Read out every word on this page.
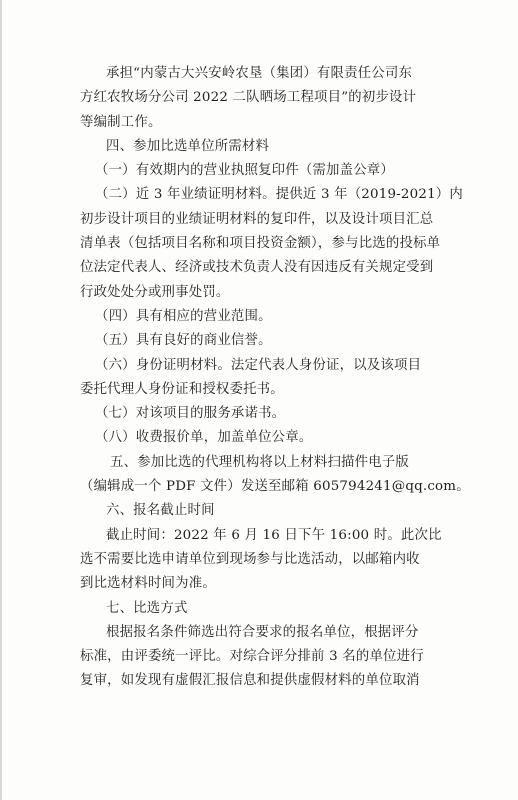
承担“内蒙古大兴安岭农垦（集团）有限责任公司东
方红农牧场分公司 2022 二队晒场工程项目”的初步设计
等编制工作。
四、参加比选单位所需材料
（一）有效期内的营业执照复印件（需加盖公章）
（二）近 3 年业绩证明材料。提供近 3 年（2019-2021）内
初步设计项目的业绩证明材料的复印件，以及设计项目汇总
清单表（包括项目名称和项目投资金额），参与比选的投标单
位法定代表人、经济或技术负责人没有因违反有关规定受到
行政处处分或刑事处罚。
（四）具有相应的营业范围。
（五）具有良好的商业信誉。
（六）身份证明材料。法定代表人身份证，以及该项目
委托代理人身份证和授权委托书。
（七）对该项目的服务承诺书。
（八）收费报价单，加盖单位公章。
五、参加比选的代理机构将以上材料扫描件电子版
（编辑成一个 PDF 文件）发送至邮箱 605794241@qq.com。
六、报名截止时间
截止时间：2022 年 6 月 16 日下午 16:00 时。此次比
选不需要比选申请单位到现场参与比选活动，以邮箱内收
到比选材料时间为准。
七、比选方式
根据报名条件筛选出符合要求的报名单位，根据评分
标准，由评委统一评比。对综合评分排前 3 名的单位进行
复审，如发现有虚假汇报信息和提供虚假材料的单位取消
